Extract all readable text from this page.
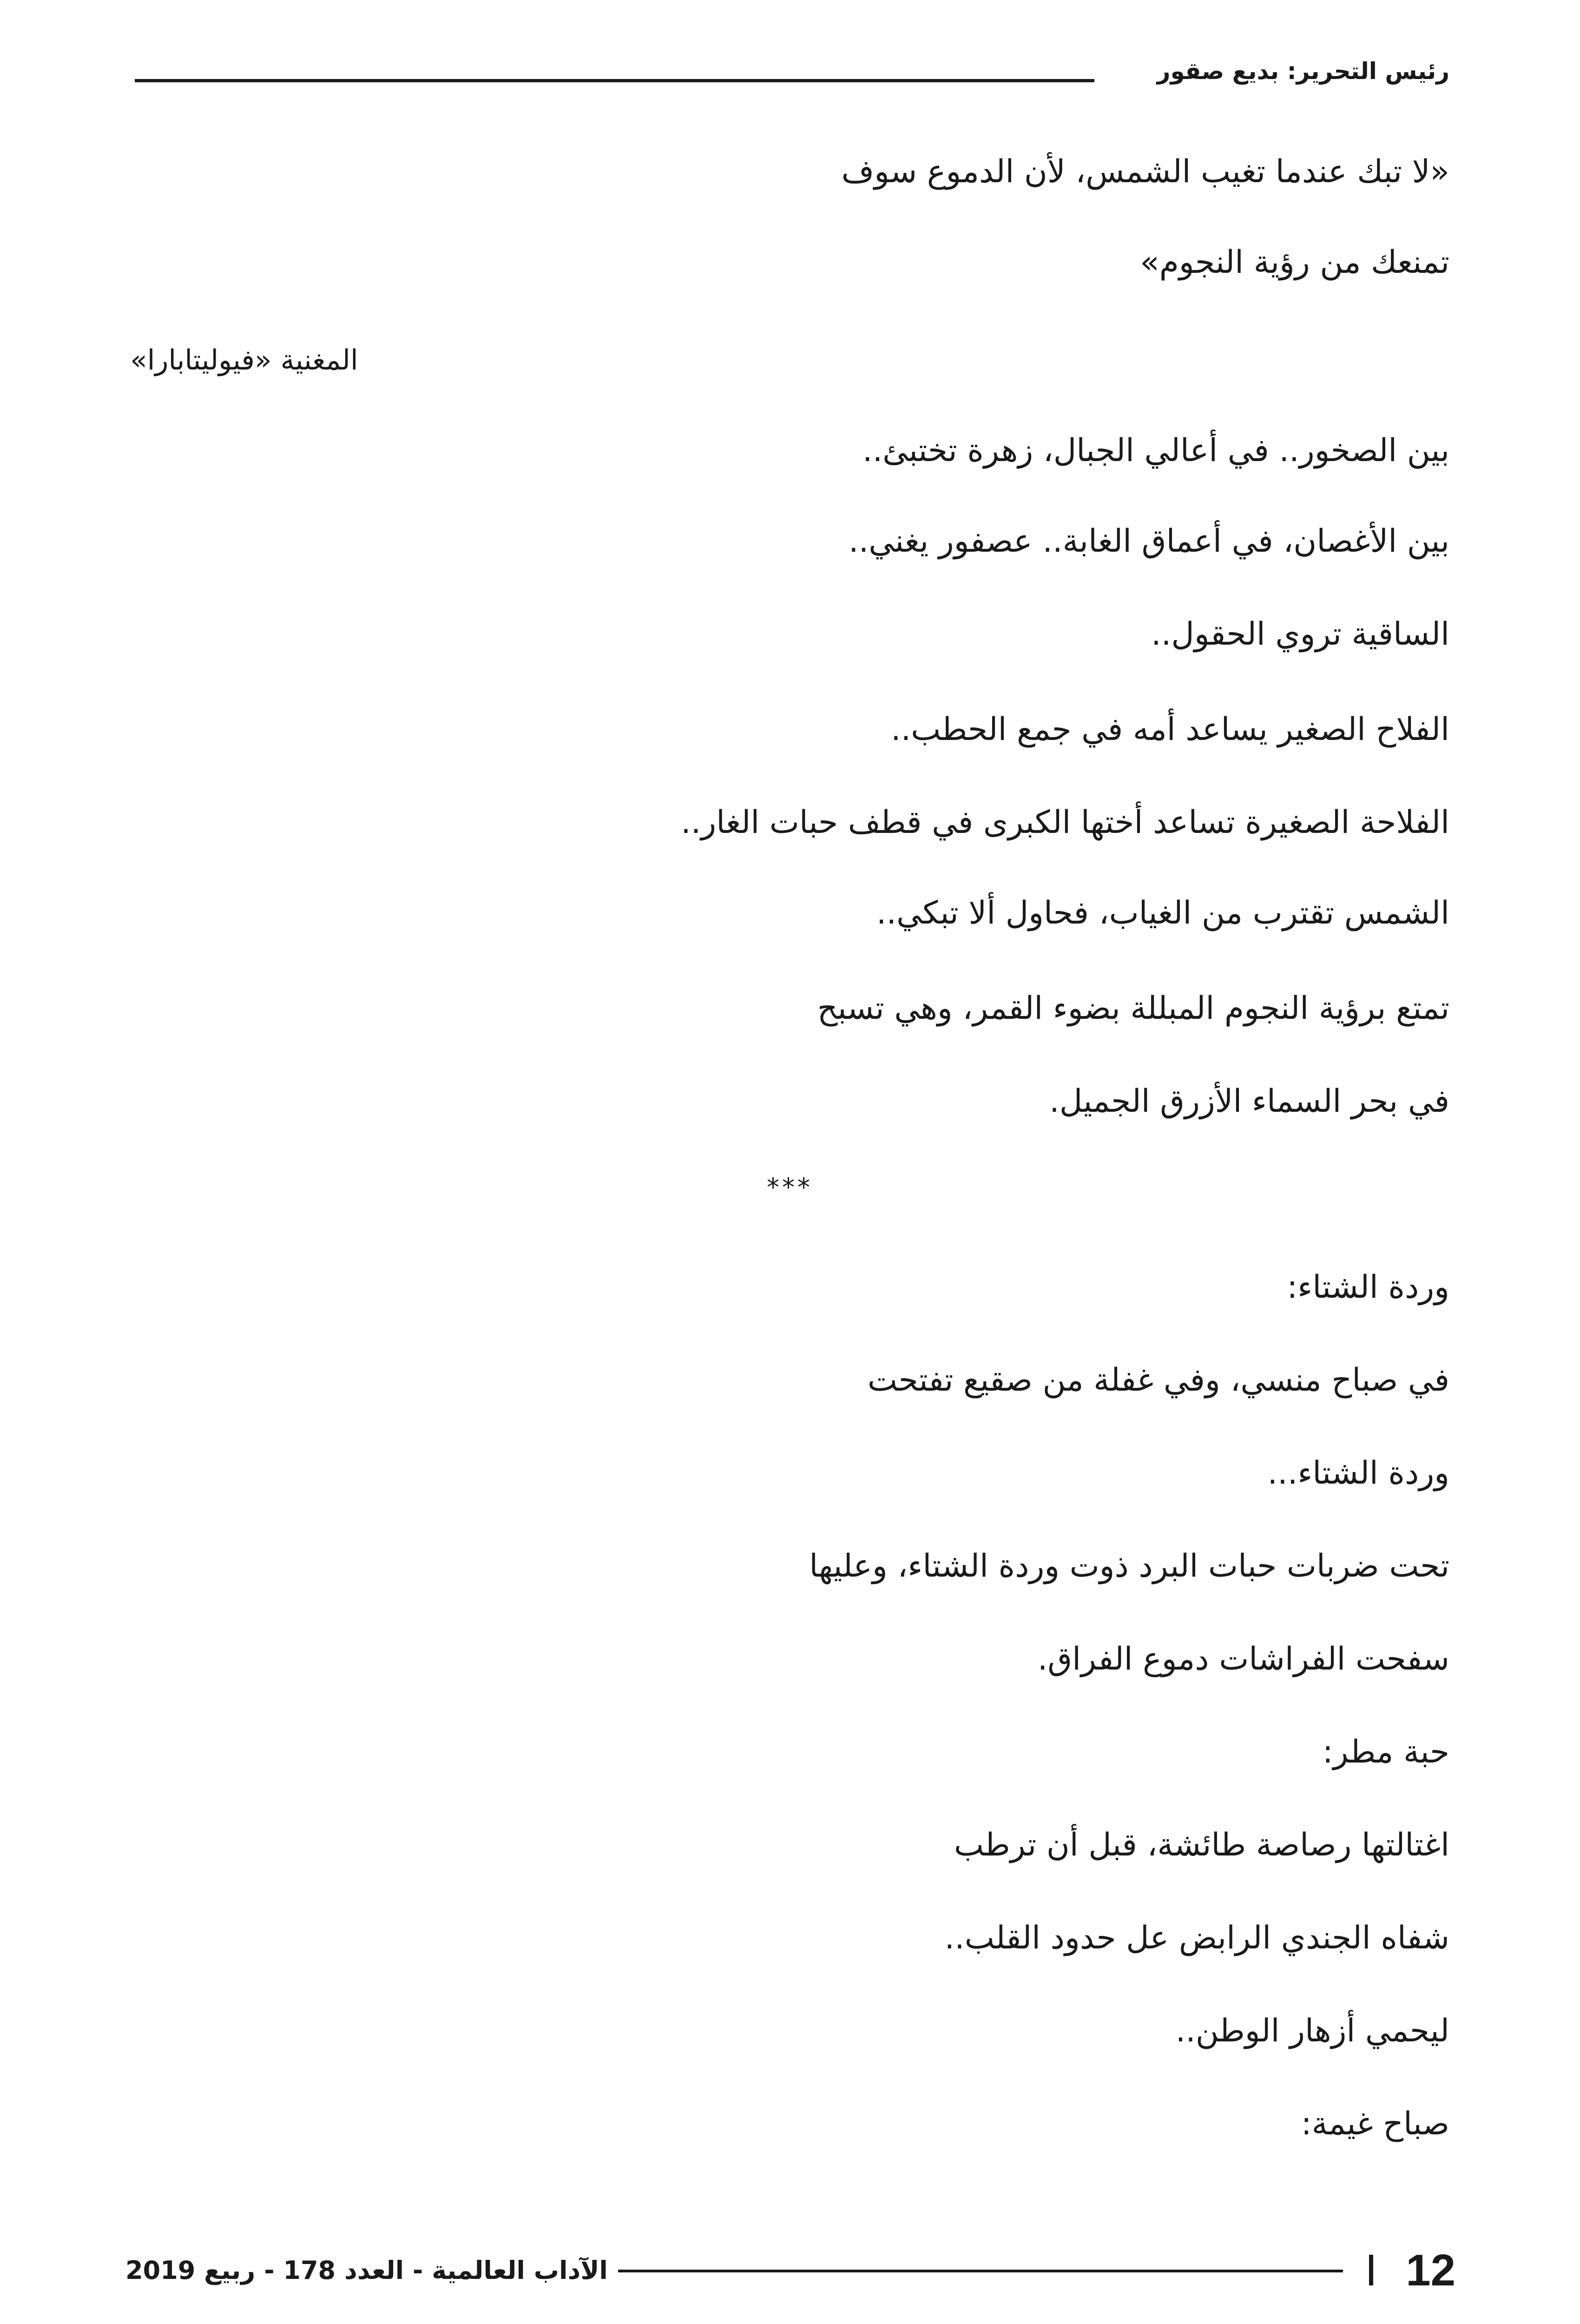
رئيس التحرير: بديع صقور
«لا تبك عندما تغيب الشمس، لأن الدموع سوف
تمنعك من رؤية النجوم»
المغنية «فيوليتابارا»
بين الصخور.. في أعالي الجبال، زهرة تختبئ..
بين الأغصان، في أعماق الغابة.. عصفور يغني..
الساقية تروي الحقول..
الفلاح الصغير يساعد أمه في جمع الحطب..
الفلاحة الصغيرة تساعد أختها الكبرى في قطف حبات الغار..
الشمس تقترب من الغياب، فحاول ألا تبكي..
تمتع برؤية النجوم المبللة بضوء القمر، وهي تسبح
في بحر السماء الأزرق الجميل.
***
وردة الشتاء:
في صباح منسي، وفي غفلة من صقيع تفتحت
وردة الشتاء...
تحت ضربات حبات البرد ذوت وردة الشتاء، وعليها
سفحت الفراشات دموع الفراق.
حبة مطر:
اغتالتها رصاصة طائشة، قبل أن ترطب
شفاه الجندي الرابض عل حدود القلب..
ليحمي أزهار الوطن..
صباح غيمة:
12
الآداب العالمية - العدد 178 - ربيع 2019
